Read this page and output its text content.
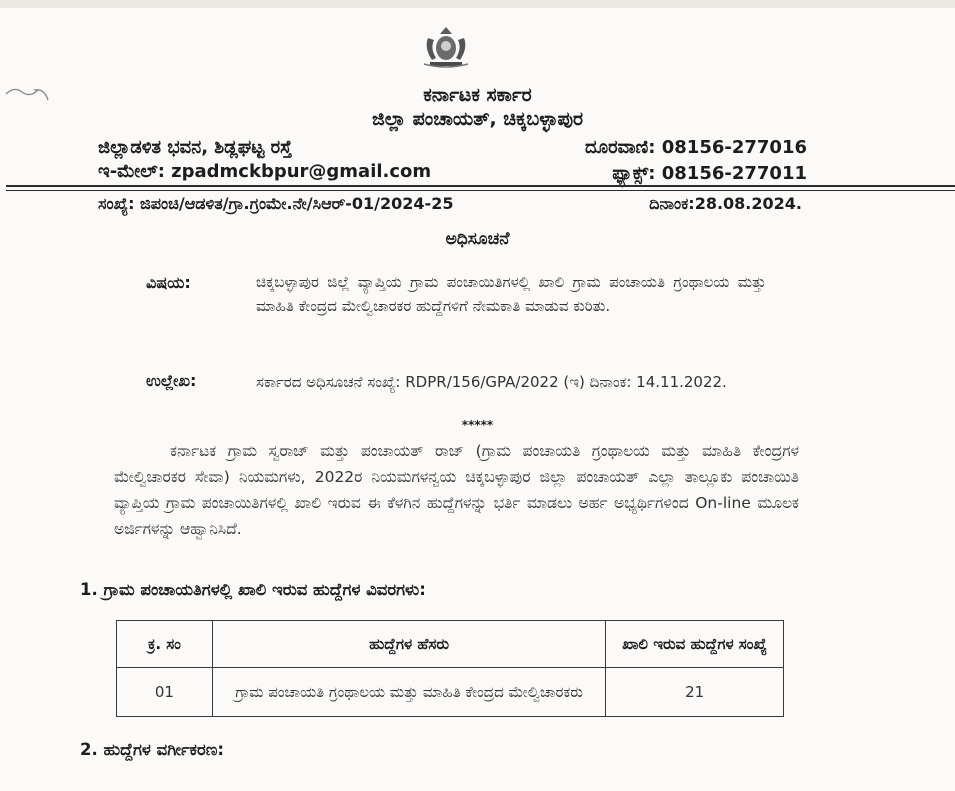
ಕರ್ನಾಟಕ ಸರ್ಕಾರ
ಜಿಲ್ಲಾ ಪಂಚಾಯತ್, ಚಿಕ್ಕಬಳ್ಳಾಪುರ
ಜಿಲ್ಲಾಡಳಿತ ಭವನ, ಶಿಡ್ಲಘಟ್ಟ ರಸ್ತೆ
ಇ-ಮೇಲ್: zpadmckbpur@gmail.com
ದೂರವಾಣಿ: 08156-277016
ಫ್ಯಾಕ್ಸ್: 08156-277011
ಸಂಖ್ಯೆ: ಜಿಪಂಚಿ/ಆಡಳಿತ/ಗ್ರಾ.ಗ್ರಂಮೇ.ನೇ/ಸಿಆರ್-01/2024-25	ದಿನಾಂಕ:28.08.2024.
ಅಧಿಸೂಚನೆ
ವಿಷಯ:	ಚಿಕ್ಕಬಳ್ಳಾಪುರ ಜಿಲ್ಲೆ ವ್ಯಾಪ್ತಿಯ ಗ್ರಾಮ ಪಂಚಾಯಿತಿಗಳಲ್ಲಿ ಖಾಲಿ ಗ್ರಾಮ ಪಂಚಾಯತಿ ಗ್ರಂಥಾಲಯ ಮತ್ತು ಮಾಹಿತಿ ಕೇಂದ್ರದ ಮೇಲ್ವಿಚಾರಕರ ಹುದ್ದೆಗಳಿಗೆ ನೇಮಕಾತಿ ಮಾಡುವ ಕುರಿತು.
ಉಲ್ಲೇಖ:	ಸರ್ಕಾರದ ಅಧಿಸೂಚನೆ ಸಂಖ್ಯೆ: RDPR/156/GPA/2022 (ಇ) ದಿನಾಂಕ: 14.11.2022.
*****
ಕರ್ನಾಟಕ ಗ್ರಾಮ ಸ್ವರಾಜ್ ಮತ್ತು ಪಂಚಾಯತ್ ರಾಜ್ (ಗ್ರಾಮ ಪಂಚಾಯತಿ ಗ್ರಂಥಾಲಯ ಮತ್ತು ಮಾಹಿತಿ ಕೇಂದ್ರಗಳ ಮೇಲ್ವಿಚಾರಕರ ಸೇವಾ) ನಿಯಮಗಳು, 2022ರ ನಿಯಮಗಳನ್ವಯ ಚಿಕ್ಕಬಳ್ಳಾಪುರ ಜಿಲ್ಲಾ ಪಂಚಾಯತ್ ಎಲ್ಲಾ ತಾಲ್ಲೂಕು ಪಂಚಾಯಿತಿ ವ್ಯಾಪ್ತಿಯ ಗ್ರಾಮ ಪಂಚಾಯಿತಿಗಳಲ್ಲಿ ಖಾಲಿ ಇರುವ ಈ ಕೆಳಗಿನ ಹುದ್ದೆಗಳನ್ನು ಭರ್ತಿ ಮಾಡಲು ಅರ್ಹ ಅಭ್ಯರ್ಥಿಗಳಿಂದ On-line ಮೂಲಕ ಅರ್ಜಿಗಳನ್ನು ಆಹ್ವಾನಿಸಿದೆ.
1. ಗ್ರಾಮ ಪಂಚಾಯತಿಗಳಲ್ಲಿ ಖಾಲಿ ಇರುವ ಹುದ್ದೆಗಳ ವಿವರಗಳು:
ಕ್ರ. ಸಂ	ಹುದ್ದೆಗಳ ಹೆಸರು	ಖಾಲಿ ಇರುವ ಹುದ್ದೆಗಳ ಸಂಖ್ಯೆ
01	ಗ್ರಾಮ ಪಂಚಾಯತಿ ಗ್ರಂಥಾಲಯ ಮತ್ತು ಮಾಹಿತಿ ಕೇಂದ್ರದ ಮೇಲ್ವಿಚಾರಕರು	21
2. ಹುದ್ದೆಗಳ ವರ್ಗೀಕರಣ:
